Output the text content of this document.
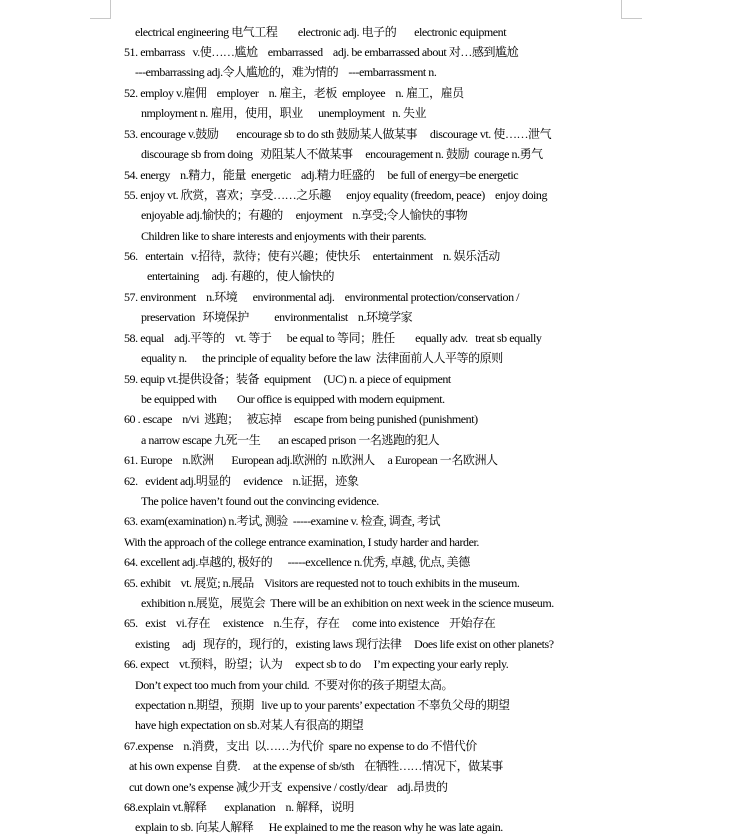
electrical engineering 电气工程        electronic adj. 电子的       electronic equipment
51. embarrass   v.使……尴尬    embarrassed    adj. be embarrassed about 对…感到尴尬
---embarrassing adj.令人尴尬的，难为情的    ---embarrassment n.
52. employ v.雇佣    employer    n. 雇主，老板  employee    n. 雇工，雇员
nmployment n. 雇用，使用，职业      unemployment   n. 失业
53. encourage v.鼓励       encourage sb to do sth 鼓励某人做某事     discourage vt. 使……泄气
discourage sb from doing   劝阻某人不做某事     encouragement n. 鼓励  courage n.勇气
54. energy    n.精力，能量  energetic    adj.精力旺盛的     be full of energy=be energetic
55. enjoy vt. 欣赏，喜欢；享受……之乐趣      enjoy equality (freedom, peace)    enjoy doing
enjoyable adj.愉快的；有趣的     enjoyment    n.享受;令人愉快的事物
Children like to share interests and enjoyments with their parents.
56.   entertain   v.招待，款待；使有兴趣；使快乐     entertainment    n. 娱乐活动
entertaining     adj. 有趣的，使人愉快的
57. environment    n.环境      environmental adj.    environmental protection/conservation /
preservation   环境保护          environmentalist    n.环境学家
58. equal    adj.平等的    vt. 等于      be equal to 等同；胜任        equally adv.   treat sb equally
equality n.      the principle of equality before the law  法律面前人人平等的原则
59. equip vt.提供设备；装备  equipment     (UC) n. a piece of equipment
be equipped with        Our office is equipped with modern equipment.
60 . escape    n/vi  逃跑；   被忘掉     escape from being punished (punishment)
a narrow escape 九死一生       an escaped prison 一名逃跑的犯人
61. Europe    n.欧洲       European adj.欧洲的  n.欧洲人     a European 一名欧洲人
62.   evident adj.明显的     evidence    n.证据，迹象
The police haven’t found out the convincing evidence.
63. exam(examination) n.考试, 测验  -----examine v. 检查, 调查, 考试
With the approach of the college entrance examination, I study harder and harder.
64. excellent adj.卓越的, 极好的      -----excellence n.优秀, 卓越, 优点, 美德
65. exhibit    vt. 展览; n.展品    Visitors are requested not to touch exhibits in the museum.
exhibition n.展览，展览会  There will be an exhibition on next week in the science museum.
65.   exist    vi.存在     existence    n.生存，存在     come into existence    开始存在
existing     adj   现存的，现行的，existing laws 现行法律     Does life exist on other planets?
66. expect    vt.预料，盼望；认为     expect sb to do     I’m expecting your early reply.
Don’t expect too much from your child.  不要对你的孩子期望太高。
expectation n.期望，预期   live up to your parents’ expectation 不辜负父母的期望
have high expectation on sb.对某人有很高的期望
67.expense    n.消费，支出  以……为代价  spare no expense to do 不惜代价
at his own expense 自费.     at the expense of sb/sth    在牺牲……情况下，做某事
cut down one’s expense 减少开支  expensive / costly/dear    adj.昂贵的
68.explain vt.解释       explanation    n. 解释，说明
explain to sb. 向某人解释      He explained to me the reason why he was late again.
